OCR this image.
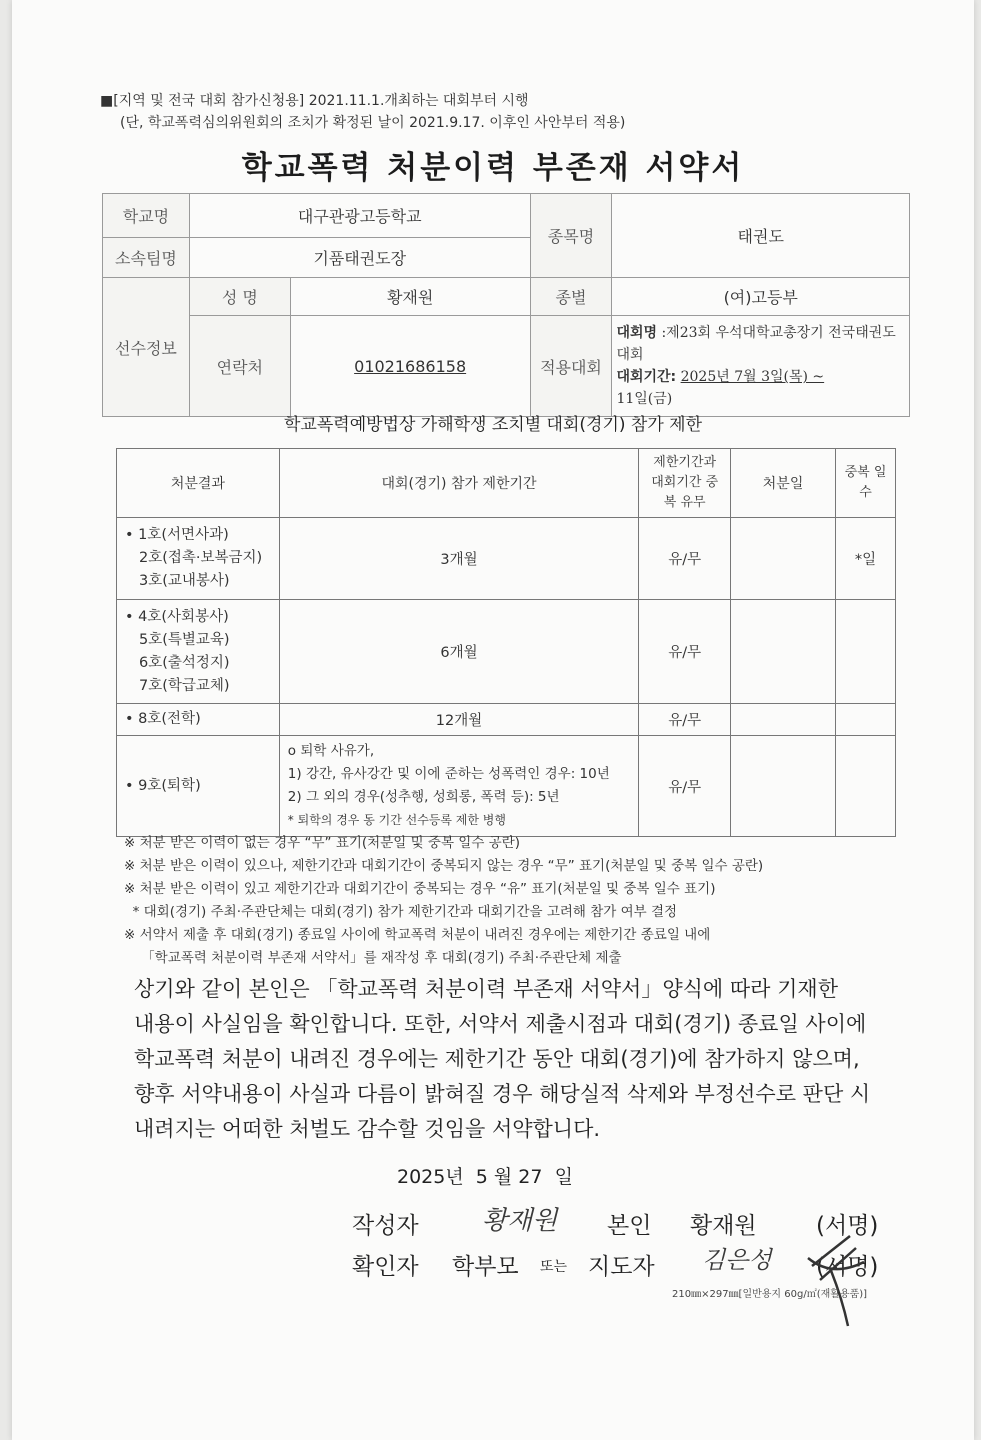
■[지역 및 전국 대회 참가신청용] 2021.11.1.개최하는 대회부터 시행
(단, 학교폭력심의위원회의 조치가 확정된 날이 2021.9.17. 이후인 사안부터 적용)
학교폭력 처분이력 부존재 서약서
학교명	대구관광고등학교		종목명	태권도
소속팀명	기품태권도장			
선수정보	성 명	황재원	종별	(여)고등부
	연락처	01021686158	적용대회	대회명 :제23회 우석대학교총장기 전국태권도대회
대회기간: 2025년 7월 3일(목) ~
11일(금)
학교폭력예방법상 가해학생 조치별 대회(경기) 참가 제한
처분결과	대회(경기) 참가 제한기간	제한기간과 대회기간 중복 유무	처분일	중복 일수

• 1호(서면사과)
2호(접촉·보복금지)
3호(교내봉사)	3개월	유/무		*일

• 4호(사회봉사)
5호(특별교육)
6호(출석정지)
7호(학급교체)	6개월	유/무		
• 8호(전학)	12개월	유/무		
• 9호(퇴학)	o 퇴학 사유가,
1) 강간, 유사강간 및 이에 준하는 성폭력인 경우: 10년
2) 그 외의 경우(성추행, 성희롱, 폭력 등): 5년
* 퇴학의 경우 동 기간 선수등록 제한 병행	유/무		
※ 처분 받은 이력이 없는 경우 “무” 표기(처분일 및 중복 일수 공란)
※ 처분 받은 이력이 있으나, 제한기간과 대회기간이 중복되지 않는 경우 “무” 표기(처분일 및 중복 일수 공란)
※ 처분 받은 이력이 있고 제한기간과 대회기간이 중복되는 경우 “유” 표기(처분일 및 중복 일수 표기)
* 대회(경기) 주최·주관단체는 대회(경기) 참가 제한기간과 대회기간을 고려해 참가 여부 결정
※ 서약서 제출 후 대회(경기) 종료일 사이에 학교폭력 처분이 내려진 경우에는 제한기간 종료일 내에
「학교폭력 처분이력 부존재 서약서」를 재작성 후 대회(경기) 주최·주관단체 제출

상기와 같이 본인은 「학교폭력 처분이력 부존재 서약서」양식에 따라 기재한

내용이 사실임을 확인합니다. 또한, 서약서 제출시점과 대회(경기) 종료일 사이에

학교폭력 처분이 내려진 경우에는 제한기간 동안 대회(경기)에 참가하지 않으며,

향후 서약내용이 사실과 다름이 밝혀질 경우 해당실적 삭제와 부정선수로 판단 시

내려지는 어떠한 처벌도 감수할 것임을 서약합니다.

2025년  5 월 27  일
작성자 황재원 본인 황재원	(서명)
확인자 학부모 또는 지도자 김은성 (서명)
210㎜×297㎜[일반용지 60g/㎡(재활용품)]
